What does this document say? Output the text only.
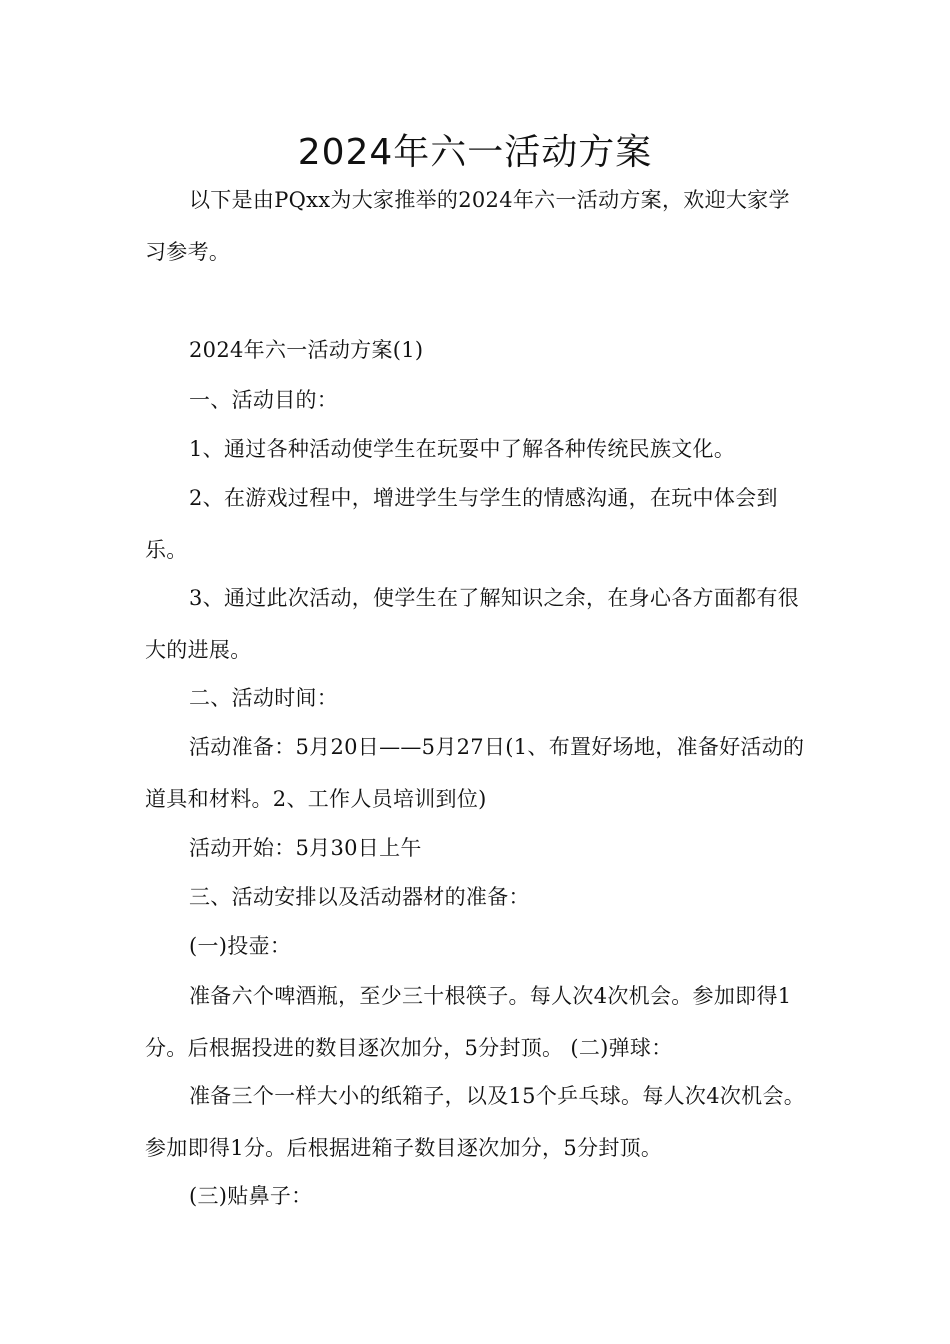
2024年六一活动方案

以下是由PQxx为大家推举的2024年六一活动方案，欢迎大家学习参考。

2024年六一活动方案(1)

一、活动目的：

1、通过各种活动使学生在玩耍中了解各种传统民族文化。

2、在游戏过程中，增进学生与学生的情感沟通，在玩中体会到乐。

3、通过此次活动，使学生在了解知识之余，在身心各方面都有很大的进展。

二、活动时间：

活动准备：5月20日——5月27日(1、布置好场地，准备好活动的道具和材料。2、工作人员培训到位)

活动开始：5月30日上午

三、活动安排以及活动器材的准备：

(一)投壶：

准备六个啤酒瓶，至少三十根筷子。每人次4次机会。参加即得1分。后根据投进的数目逐次加分，5分封顶。 (二)弹球：

准备三个一样大小的纸箱子，以及15个乒乓球。每人次4次机会。参加即得1分。后根据进箱子数目逐次加分，5分封顶。

(三)贴鼻子：
